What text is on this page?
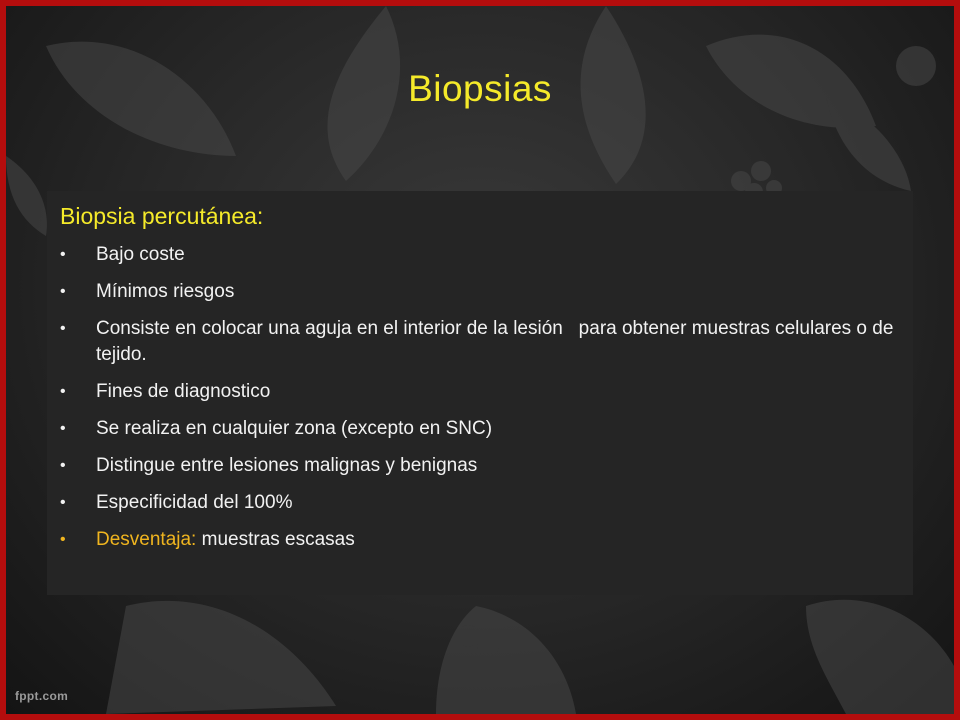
Biopsias
Biopsia percutánea:
•	Bajo coste
•	Mínimos riesgos
•	Consiste en colocar una aguja en el interior de la lesión   para obtener muestras celulares o de tejido.
•	Fines de diagnostico
•	Se realiza en cualquier zona (excepto en SNC)
•	Distingue entre lesiones malignas y benignas
•	Especificidad del 100%
•	Desventaja: muestras escasas
fppt.com
